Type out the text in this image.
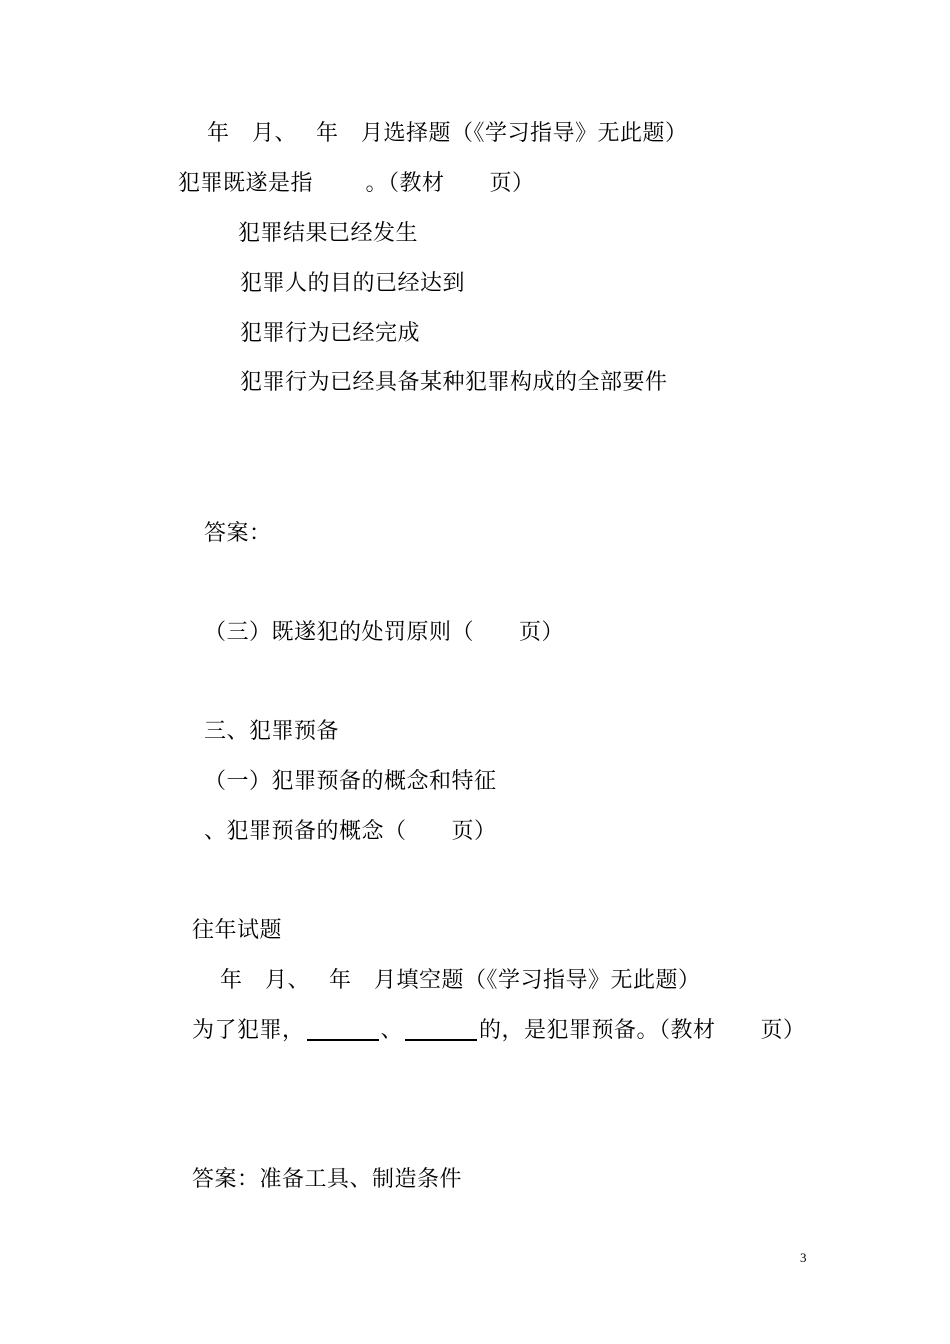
年　月、　 年　月选择题（《学习指导》无此题）
犯罪既遂是指　　 。（教材　　页）
犯罪结果已经发生
犯罪人的目的已经达到
犯罪行为已经完成
犯罪行为已经具备某种犯罪构成的全部要件
答案：
（三）既遂犯的处罚原则（　　页）
三、犯罪预备
（一）犯罪预备的概念和特征
、犯罪预备的概念（　　页）
往年试题
年　月、　 年　月填空题（《学习指导》无此题）
为了犯罪，	、	的，是犯罪预备。（教材　　页）
答案：准备工具、制造条件
3
